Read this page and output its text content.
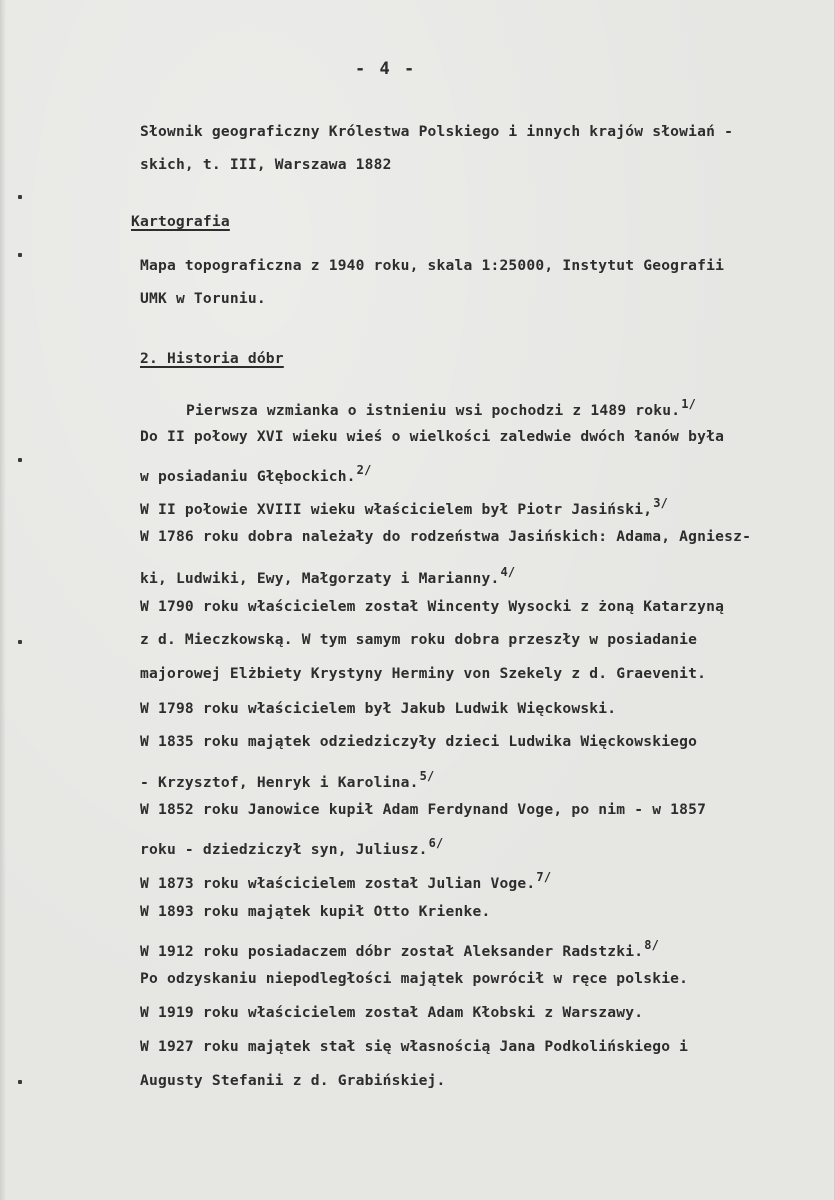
- 4 -
Słownik geograficzny Królestwa Polskiego i innych krajów słowiań -
skich, t. III, Warszawa 1882
Kartografia
Mapa topograficzna z 1940 roku, skala 1:25000, Instytut Geografii
UMK w Toruniu.
2. Historia dóbr
Pierwsza wzmianka o istnieniu wsi pochodzi z 1489 roku.$^{1/}$
Do II połowy XVI wieku wieś o wielkości zaledwie dwóch łanów była
w posiadaniu Głębockich.$^{2/}$
W II połowie XVIII wieku właścicielem był Piotr Jasiński,$^{3/}$
W 1786 roku dobra należały do rodzeństwa Jasińskich: Adama, Agniesz-
ki, Ludwiki, Ewy, Małgorzaty i Marianny.$^{4/}$
W 1790 roku właścicielem został Wincenty Wysocki z żoną Katarzyną
z d. Mieczkowską. W tym samym roku dobra przeszły w posiadanie
majorowej Elżbiety Krystyny Herminy von Szekely z d. Graevenit.
W 1798 roku właścicielem był Jakub Ludwik Więckowski.
W 1835 roku majątek odziedziczyły dzieci Ludwika Więckowskiego
- Krzysztof, Henryk i Karolina.$^{5/}$
W 1852 roku Janowice kupił Adam Ferdynand Voge, po nim - w 1857
roku - dziedziczył syn, Juliusz.$^{6/}$
W 1873 roku właścicielem został Julian Voge.$^{7/}$
W 1893 roku majątek kupił Otto Krienke.
W 1912 roku posiadaczem dóbr został Aleksander Radstzki.$^{8/}$
Po odzyskaniu niepodległości majątek powrócił w ręce polskie.
W 1919 roku właścicielem został Adam Kłobski z Warszawy.
W 1927 roku majątek stał się własnością Jana Podkolińskiego i
Augusty Stefanii z d. Grabińskiej.
